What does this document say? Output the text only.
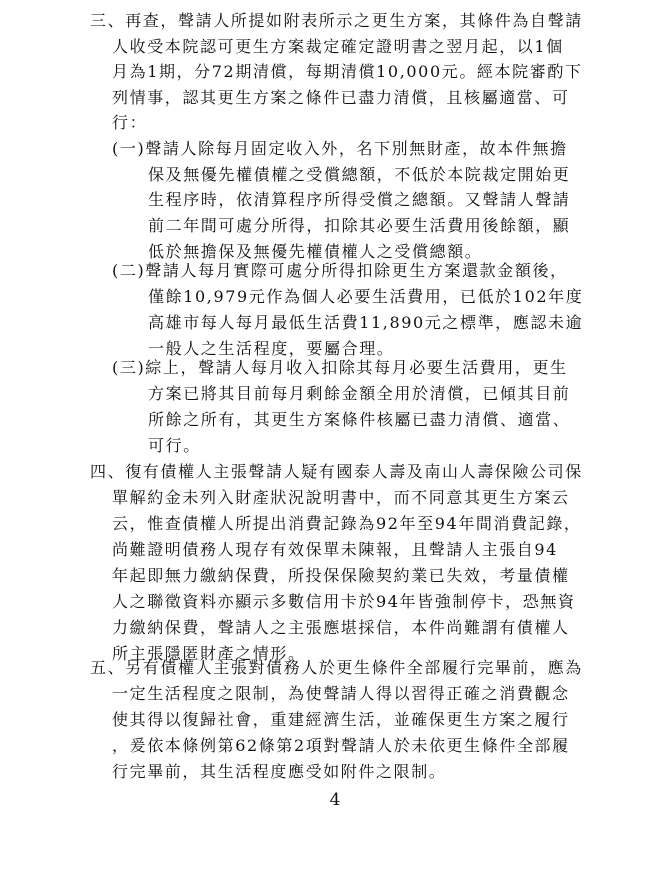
三、再查，聲請人所提如附表所示之更生方案，其條件為自聲請
人收受本院認可更生方案裁定確定證明書之翌月起，以1個
月為1期，分72期清償，每期清償10,000元。經本院審酌下
列情事，認其更生方案之條件已盡力清償，且核屬適當、可
行：
(一)聲請人除每月固定收入外，名下別無財產，故本件無擔
保及無優先權債權之受償總額，不低於本院裁定開始更
生程序時，依清算程序所得受償之總額。又聲請人聲請
前二年間可處分所得，扣除其必要生活費用後餘額，顯
低於無擔保及無優先權債權人之受償總額。
(二)聲請人每月實際可處分所得扣除更生方案還款金額後，
僅餘10,979元作為個人必要生活費用，已低於102年度
高雄市每人每月最低生活費11,890元之標準，應認未逾
一般人之生活程度，要屬合理。
(三)綜上，聲請人每月收入扣除其每月必要生活費用，更生
方案已將其目前每月剩餘金額全用於清償，已傾其目前
所餘之所有，其更生方案條件核屬已盡力清償、適當、
可行。
四、復有債權人主張聲請人疑有國泰人壽及南山人壽保險公司保
單解約金未列入財產狀況說明書中，而不同意其更生方案云
云，惟查債權人所提出消費記錄為92年至94年間消費記錄，
尚難證明債務人現存有效保單未陳報，且聲請人主張自94
年起即無力繳納保費，所投保保險契約業已失效，考量債權
人之聯徵資料亦顯示多數信用卡於94年皆強制停卡，恐無資
力繳納保費，聲請人之主張應堪採信，本件尚難謂有債權人
所主張隱匿財產之情形。
五、另有債權人主張對債務人於更生條件全部履行完畢前，應為
一定生活程度之限制，為使聲請人得以習得正確之消費觀念
使其得以復歸社會，重建經濟生活，並確保更生方案之履行
，爰依本條例第62條第2項對聲請人於未依更生條件全部履
行完畢前，其生活程度應受如附件之限制。
4
